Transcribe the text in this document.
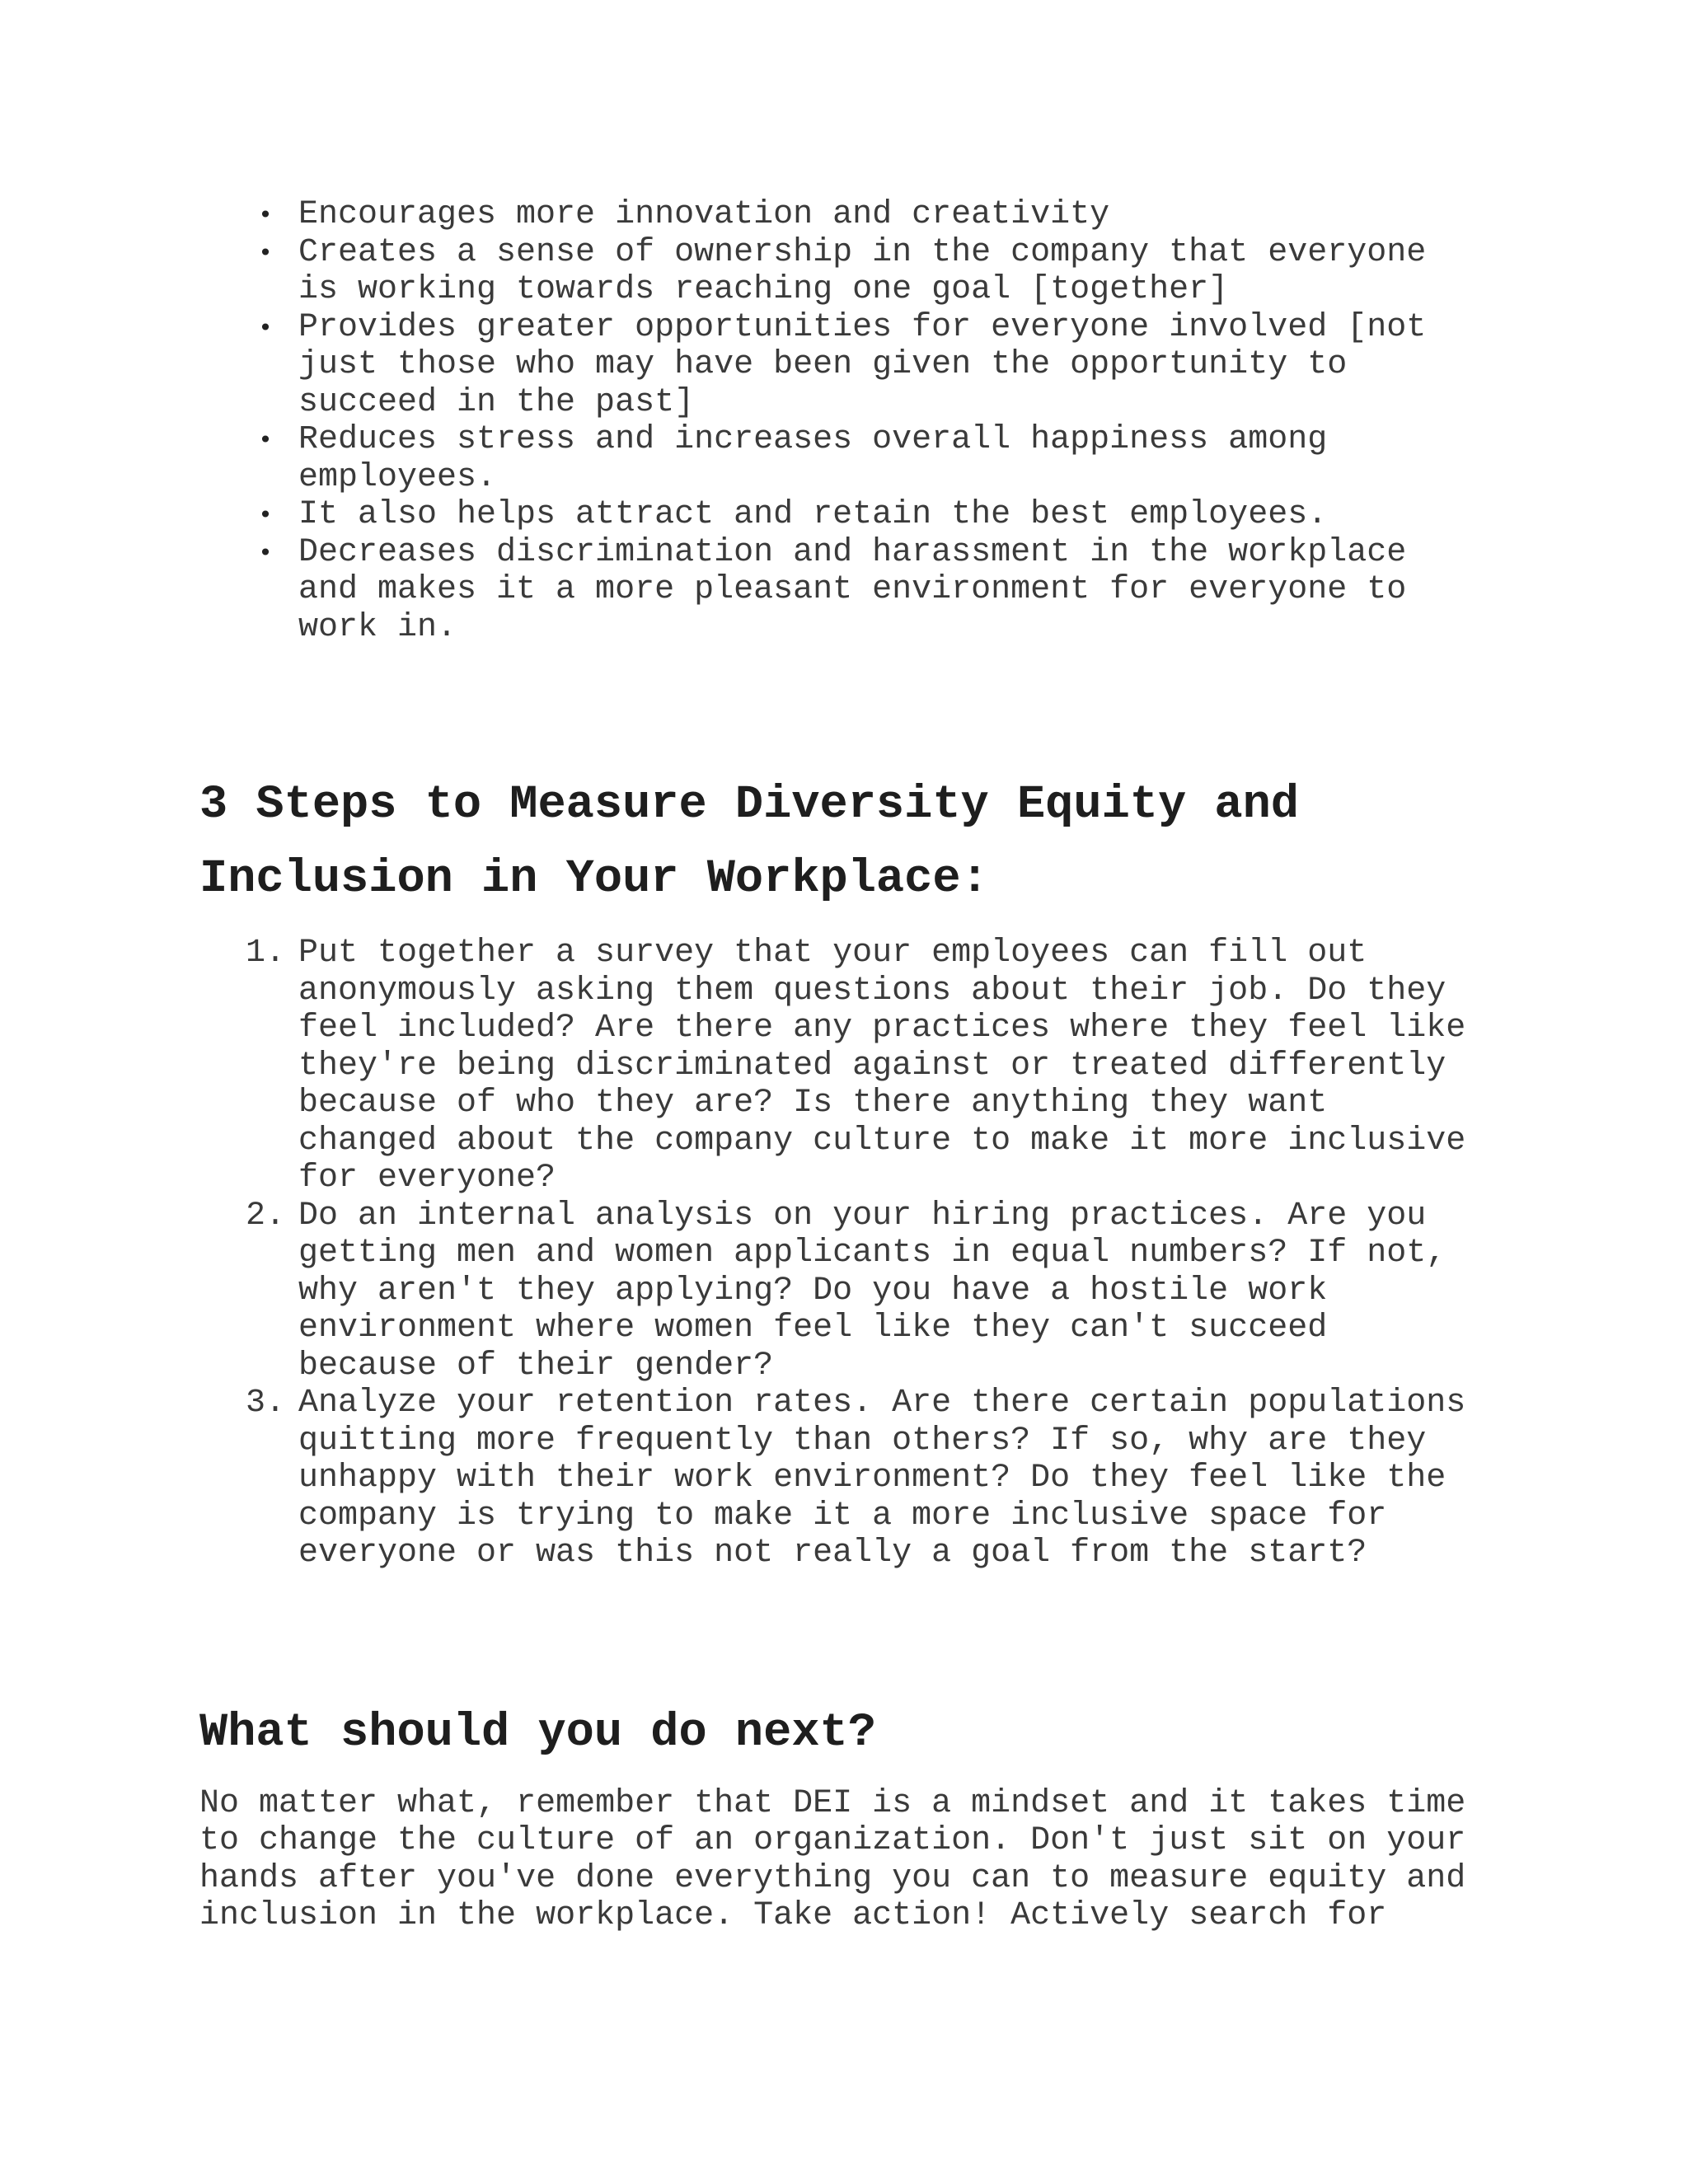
• Encourages more innovation and creativity
• Creates a sense of ownership in the company that everyone is working towards reaching one goal [together]
• Provides greater opportunities for everyone involved [not just those who may have been given the opportunity to succeed in the past]
• Reduces stress and increases overall happiness among employees.
• It also helps attract and retain the best employees.
• Decreases discrimination and harassment in the workplace and makes it a more pleasant environment for everyone to work in.
3 Steps to Measure Diversity Equity and Inclusion in Your Workplace:
1. Put together a survey that your employees can fill out anonymously asking them questions about their job. Do they feel included? Are there any practices where they feel like they're being discriminated against or treated differently because of who they are? Is there anything they want changed about the company culture to make it more inclusive for everyone?
2. Do an internal analysis on your hiring practices. Are you getting men and women applicants in equal numbers? If not, why aren't they applying? Do you have a hostile work environment where women feel like they can't succeed because of their gender?
3. Analyze your retention rates. Are there certain populations quitting more frequently than others? If so, why are they unhappy with their work environment? Do they feel like the company is trying to make it a more inclusive space for everyone or was this not really a goal from the start?
What should you do next?

No matter what, remember that DEI is a mindset and it takes time to change the culture of an organization. Don't just sit on your hands after you've done everything you can to measure equity and inclusion in the workplace. Take action! Actively search for
